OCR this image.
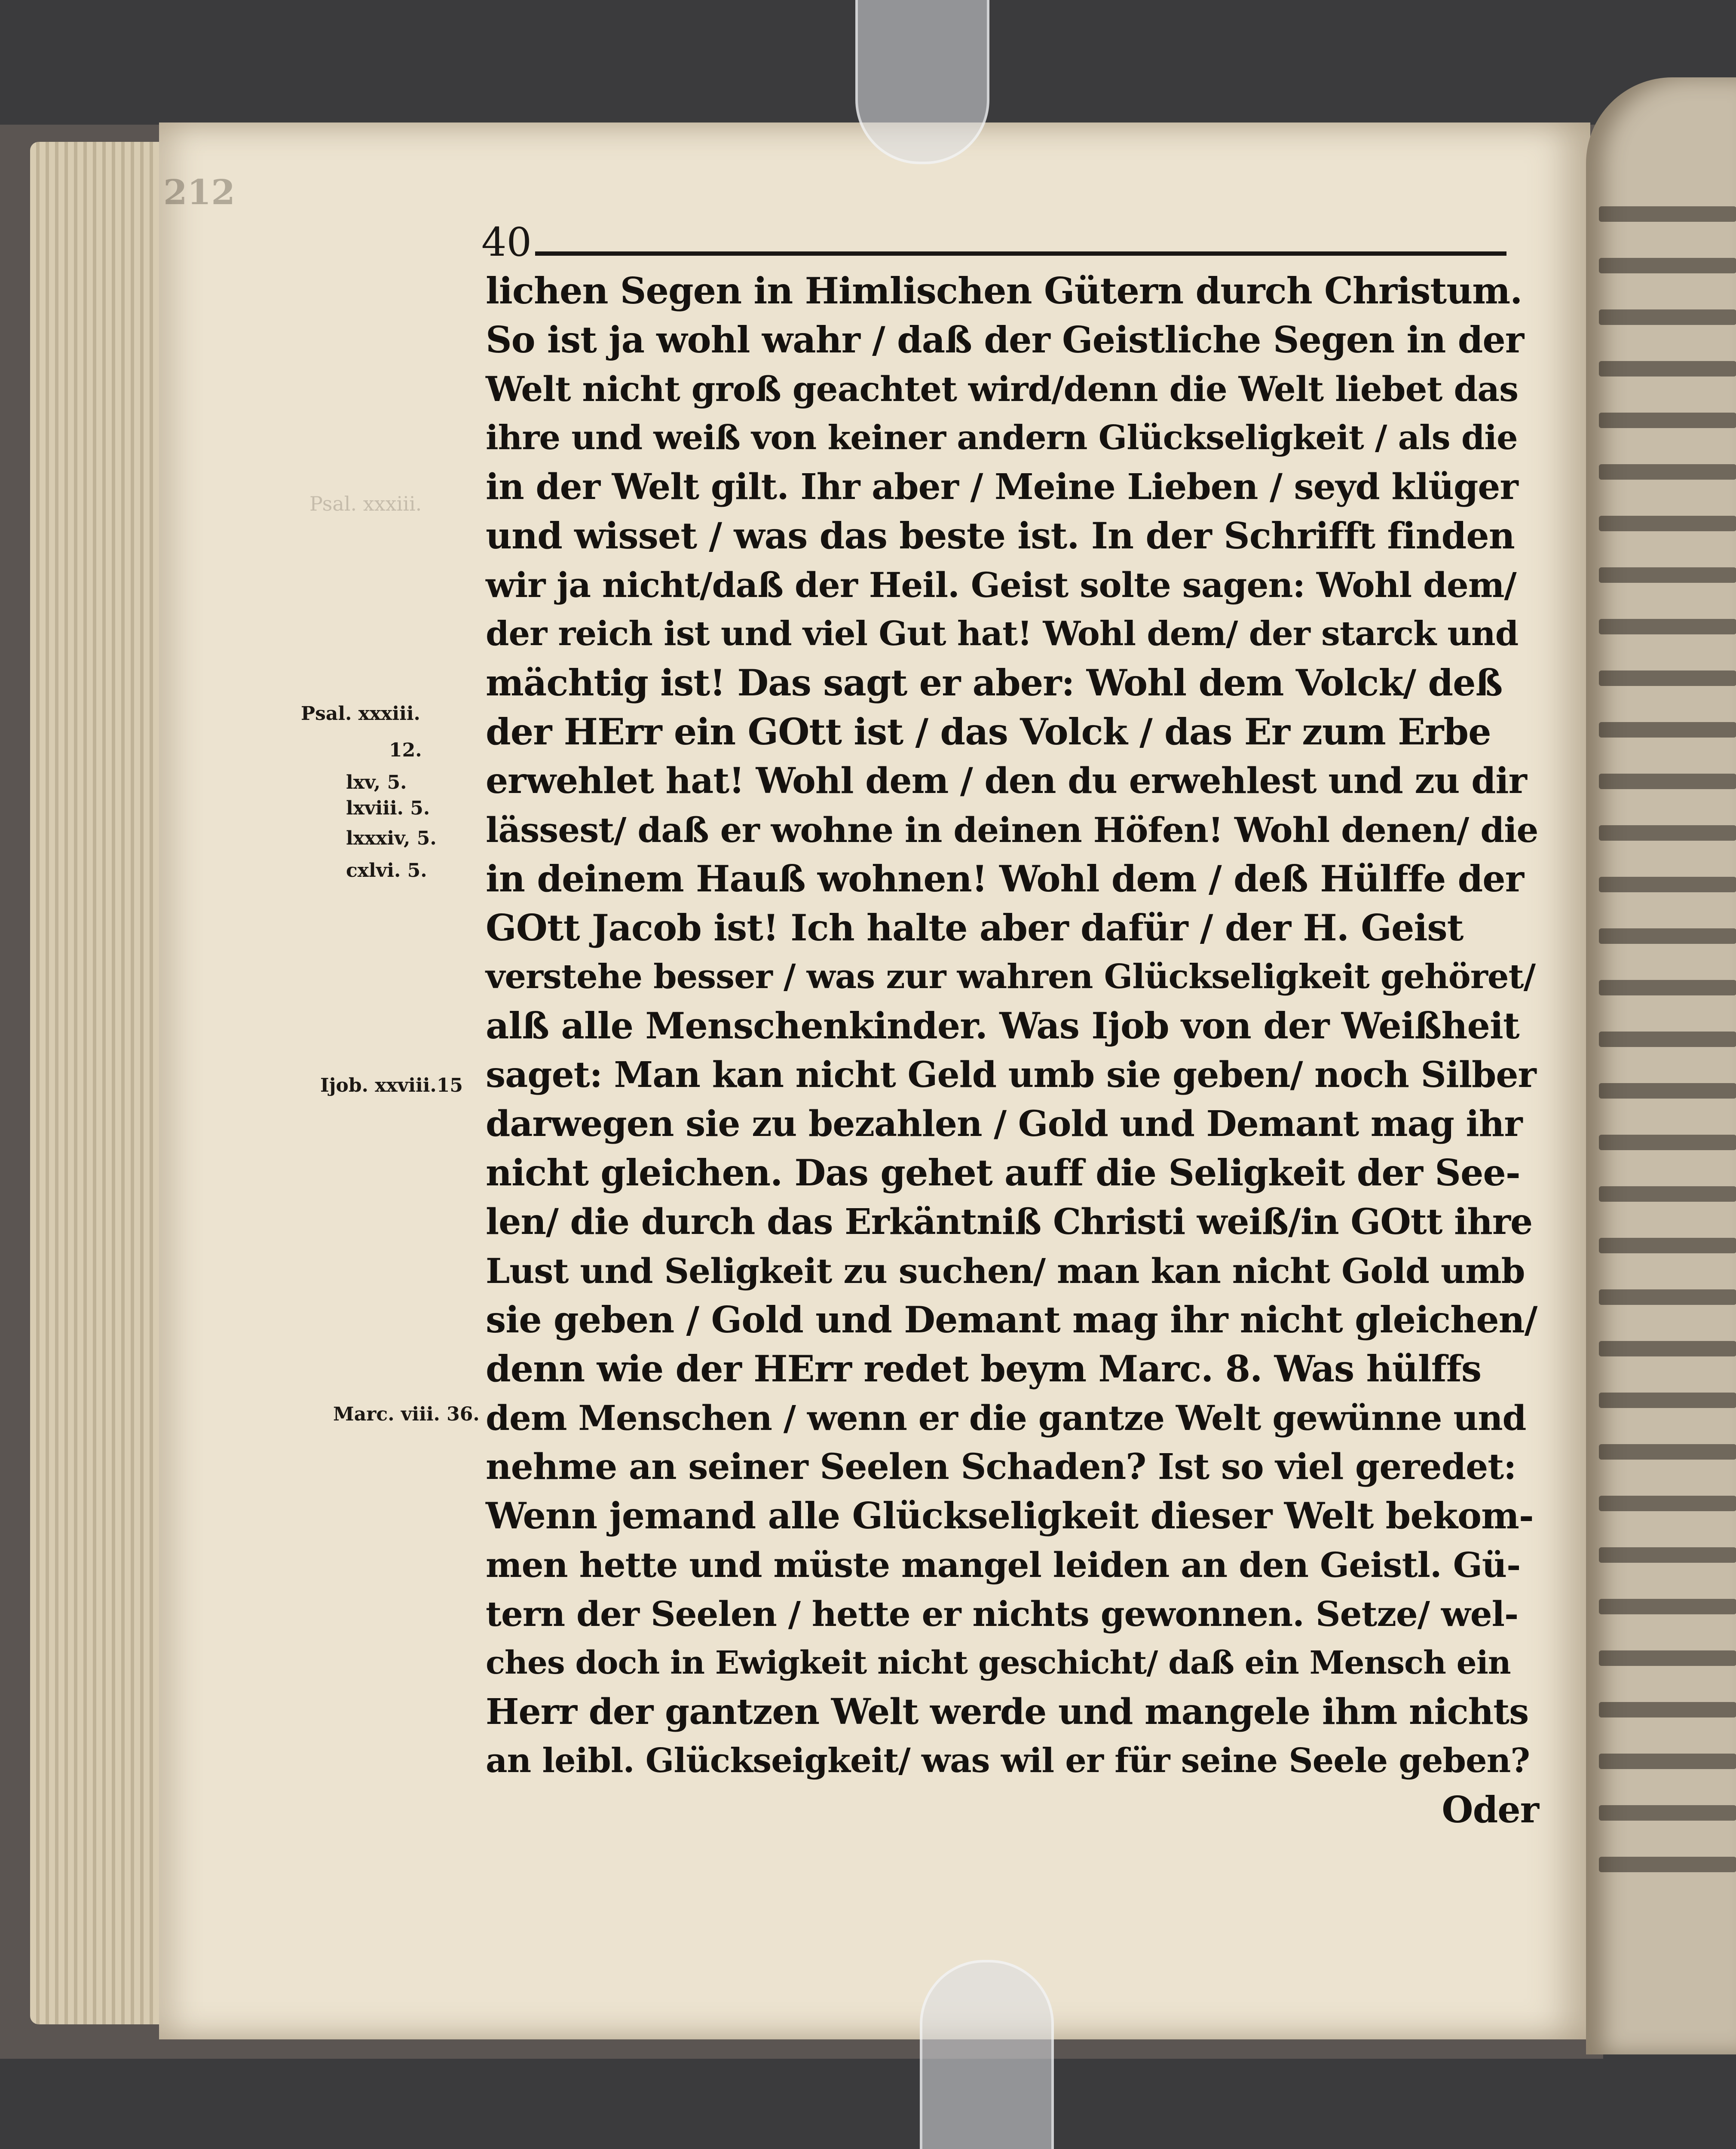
212
Psal. xxxiii.
40
Psal. xxxiii.
12.
lxv, 5.
lxviii. 5.
lxxxiv, 5.
cxlvi. 5.
Ijob. xxviii.15
Marc. viii. 36.
lichen Segen in Himlischen Gütern durch Christum.
So ist ja wohl wahr / daß der Geistliche Segen in der
Welt nicht groß geachtet wird/denn die Welt liebet das
ihre und weiß von keiner andern Glückseligkeit / als die
in der Welt gilt. Ihr aber / Meine Lieben / seyd klüger
und wisset / was das beste ist. In der Schrifft finden
wir ja nicht/daß der Heil. Geist solte sagen: Wohl dem/
der reich ist und viel Gut hat! Wohl dem/ der starck und
mächtig ist! Das sagt er aber: Wohl dem Volck/ deß
der HErr ein GOtt ist / das Volck / das Er zum Erbe
erwehlet hat! Wohl dem / den du erwehlest und zu dir
lässest/ daß er wohne in deinen Höfen! Wohl denen/ die
in deinem Hauß wohnen! Wohl dem / deß Hülffe der
GOtt Jacob ist! Ich halte aber dafür / der H. Geist
verstehe besser / was zur wahren Glückseligkeit gehöret/
alß alle Menschenkinder. Was Ijob von der Weißheit
saget: Man kan nicht Geld umb sie geben/ noch Silber
darwegen sie zu bezahlen / Gold und Demant mag ihr
nicht gleichen. Das gehet auff die Seligkeit der See-
len/ die durch das Erkäntniß Christi weiß/in GOtt ihre
Lust und Seligkeit zu suchen/ man kan nicht Gold umb
sie geben / Gold und Demant mag ihr nicht gleichen/
denn wie der HErr redet beym Marc. 8. Was hülffs
dem Menschen / wenn er die gantze Welt gewünne und
nehme an seiner Seelen Schaden? Ist so viel geredet:
Wenn jemand alle Glückseligkeit dieser Welt bekom-
men hette und müste mangel leiden an den Geistl. Gü-
tern der Seelen / hette er nichts gewonnen. Setze/ wel-
ches doch in Ewigkeit nicht geschicht/ daß ein Mensch ein
Herr der gantzen Welt werde und mangele ihm nichts
an leibl. Glückseigkeit/ was wil er für seine Seele geben?
Oder
